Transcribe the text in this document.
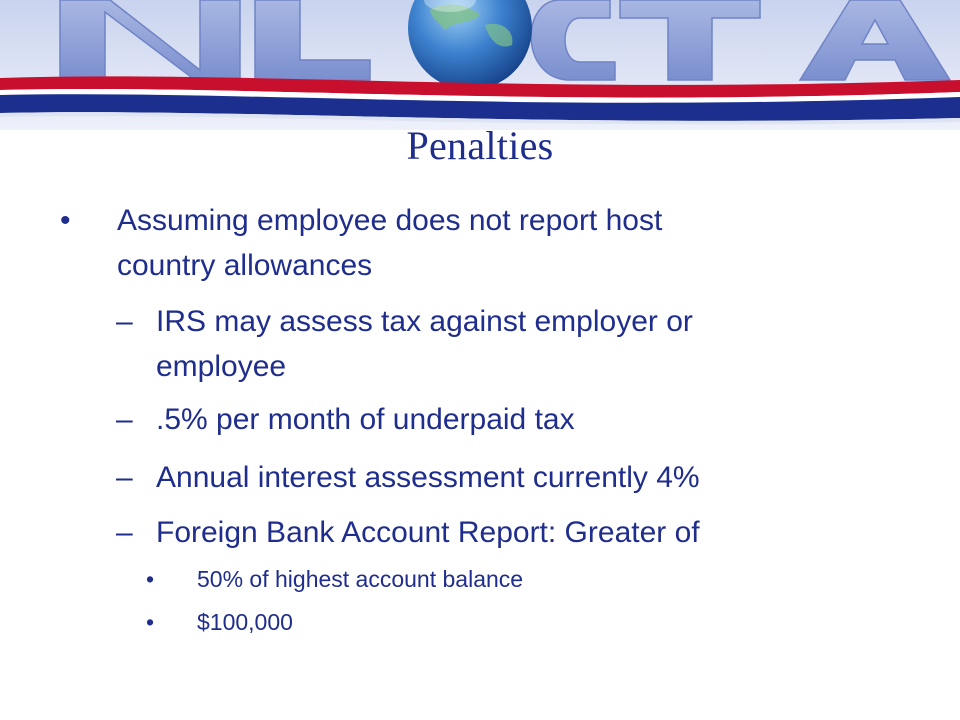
Penalties
• Assuming employee does not report host
country allowances
– IRS may assess tax against employer or
employee
– .5% per month of underpaid tax
– Annual interest assessment currently 4%
– Foreign Bank Account Report: Greater of
• 50% of highest account balance
• $100,000
